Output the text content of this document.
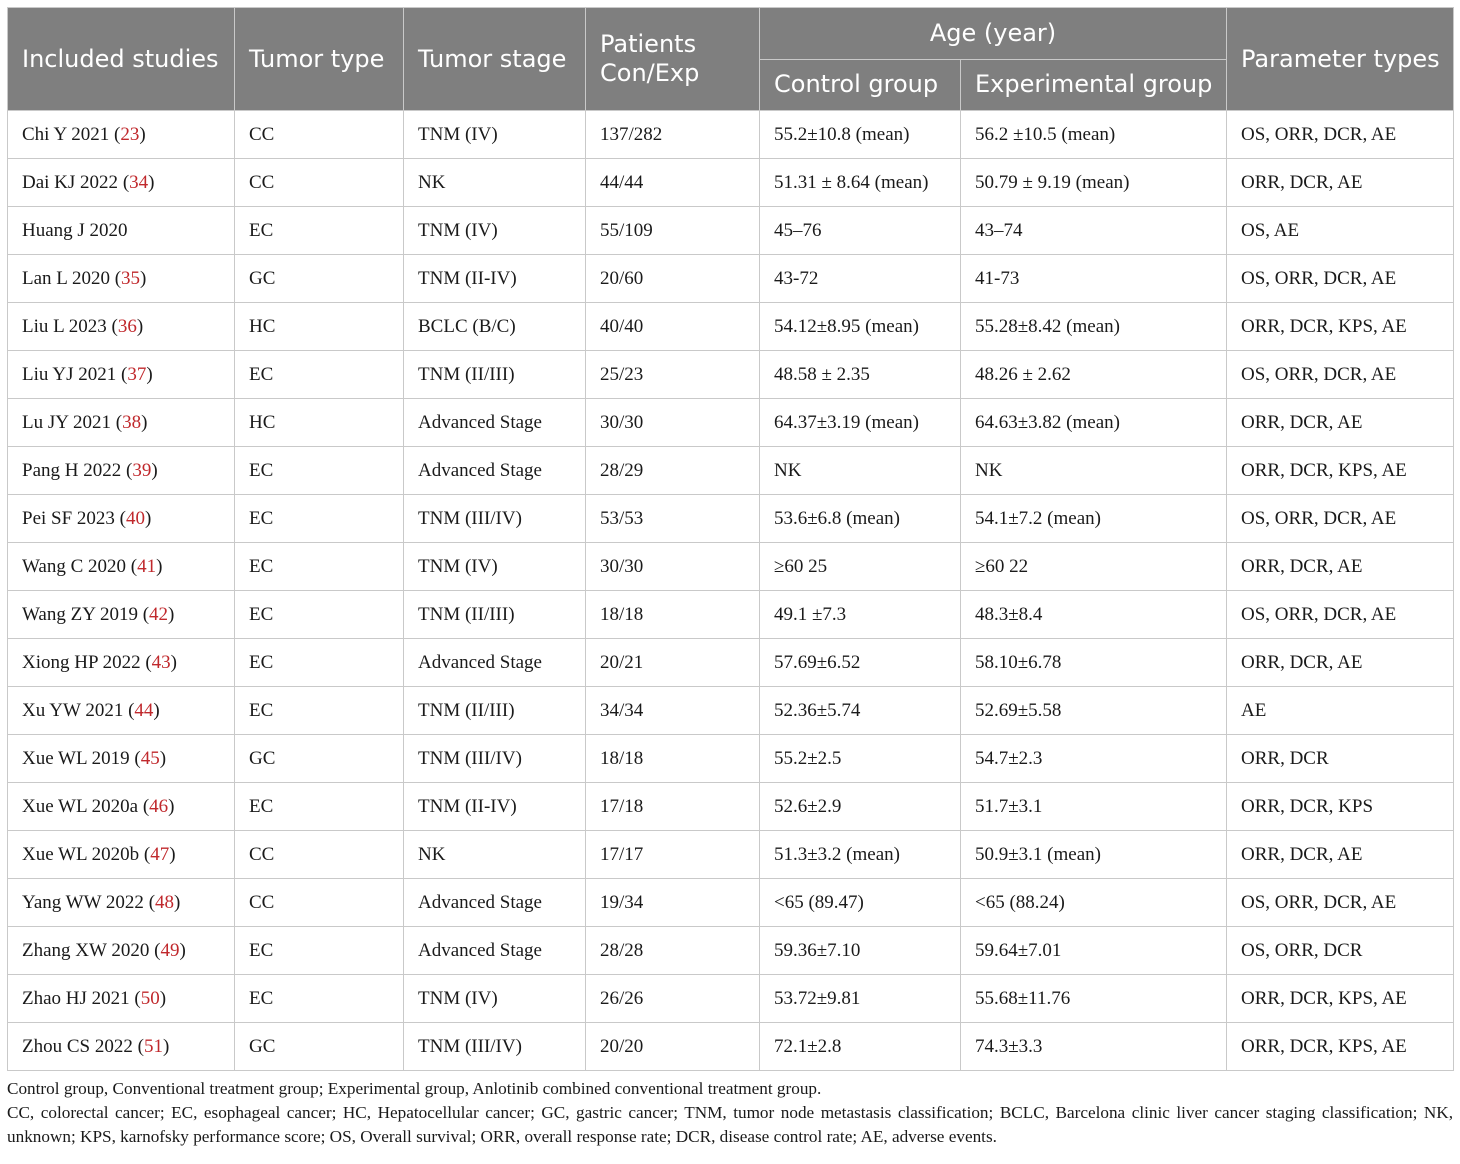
Included studies	Tumor type	Tumor stage	Patients Con/Exp	Age (year)		Parameter types
				Control group	Experimental group	
Chi Y 2021 (23)	CC	TNM (IV)	137/282	55.2±10.8 (mean)	56.2 ±10.5 (mean)	OS, ORR, DCR, AE
Dai KJ 2022 (34)	CC	NK	44/44	51.31 ± 8.64 (mean)	50.79 ± 9.19 (mean)	ORR, DCR, AE
Huang J 2020	EC	TNM (IV)	55/109	45–76	43–74	OS, AE
Lan L 2020 (35)	GC	TNM (II-IV)	20/60	43-72	41-73	OS, ORR, DCR, AE
Liu L 2023 (36)	HC	BCLC (B/C)	40/40	54.12±8.95 (mean)	55.28±8.42 (mean)	ORR, DCR, KPS, AE
Liu YJ 2021 (37)	EC	TNM (II/III)	25/23	48.58 ± 2.35	48.26 ± 2.62	OS, ORR, DCR, AE
Lu JY 2021 (38)	HC	Advanced Stage	30/30	64.37±3.19 (mean)	64.63±3.82 (mean)	ORR, DCR, AE
Pang H 2022 (39)	EC	Advanced Stage	28/29	NK	NK	ORR, DCR, KPS, AE
Pei SF 2023 (40)	EC	TNM (III/IV)	53/53	53.6±6.8 (mean)	54.1±7.2 (mean)	OS, ORR, DCR, AE
Wang C 2020 (41)	EC	TNM (IV)	30/30	≥60 25	≥60 22	ORR, DCR, AE
Wang ZY 2019 (42)	EC	TNM (II/III)	18/18	49.1 ±7.3	48.3±8.4	OS, ORR, DCR, AE
Xiong HP 2022 (43)	EC	Advanced Stage	20/21	57.69±6.52	58.10±6.78	ORR, DCR, AE
Xu YW 2021 (44)	EC	TNM (II/III)	34/34	52.36±5.74	52.69±5.58	AE
Xue WL 2019 (45)	GC	TNM (III/IV)	18/18	55.2±2.5	54.7±2.3	ORR, DCR
Xue WL 2020a (46)	EC	TNM (II-IV)	17/18	52.6±2.9	51.7±3.1	ORR, DCR, KPS
Xue WL 2020b (47)	CC	NK	17/17	51.3±3.2 (mean)	50.9±3.1 (mean)	ORR, DCR, AE
Yang WW 2022 (48)	CC	Advanced Stage	19/34	<65 (89.47)	<65 (88.24)	OS, ORR, DCR, AE
Zhang XW 2020 (49)	EC	Advanced Stage	28/28	59.36±7.10	59.64±7.01	OS, ORR, DCR
Zhao HJ 2021 (50)	EC	TNM (IV)	26/26	53.72±9.81	55.68±11.76	ORR, DCR, KPS, AE
Zhou CS 2022 (51)	GC	TNM (III/IV)	20/20	72.1±2.8	74.3±3.3	ORR, DCR, KPS, AE

Control group, Conventional treatment group; Experimental group, Anlotinib combined conventional treatment group.

CC, colorectal cancer; EC, esophageal cancer; HC, Hepatocellular cancer; GC, gastric cancer; TNM, tumor node metastasis classification; BCLC, Barcelona clinic liver cancer staging classification; NK, unknown; KPS, karnofsky performance score; OS, Overall survival; ORR, overall response rate; DCR, disease control rate; AE, adverse events.
